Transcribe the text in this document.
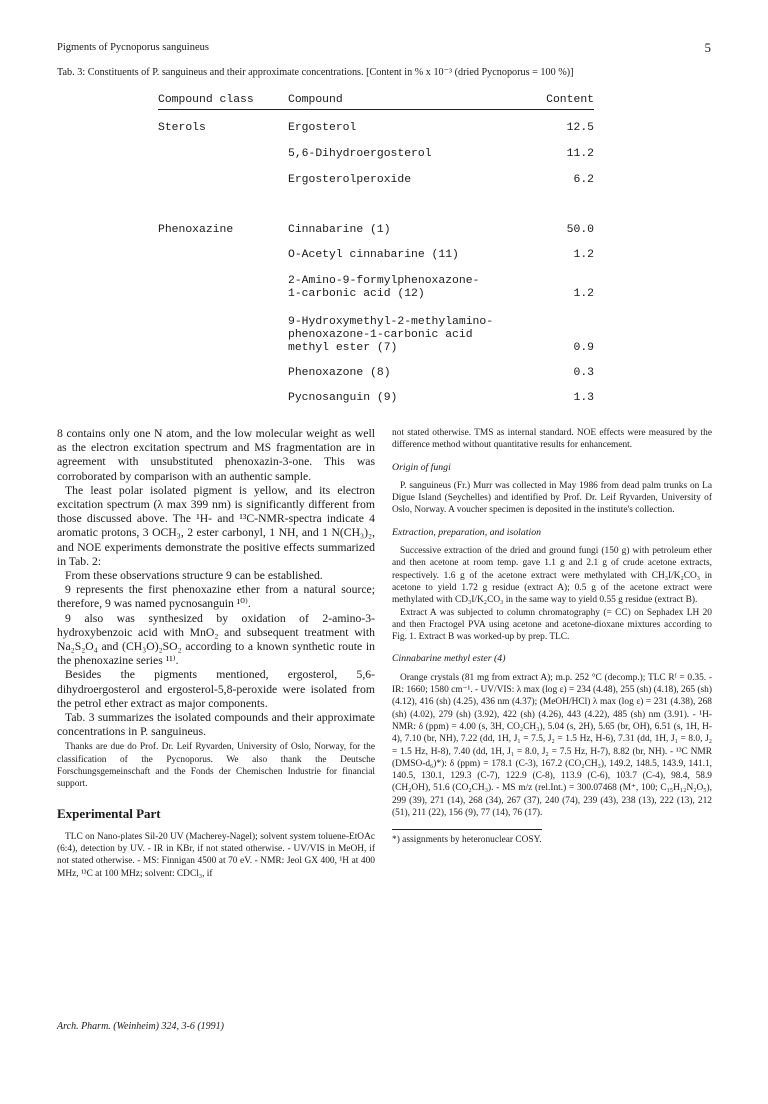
Pigments of Pycnoporus sanguineus	5
Tab. 3: Constituents of P. sanguineus and their approximate concentrations. [Content in % x 10⁻³ (dried Pycnoporus = 100 %)]
Compound class	Compound	Content
Sterols	Ergosterol	12.5
5,6-Dihydroergosterol	11.2
Ergosterolperoxide	6.2
Phenoxazine	Cinnabarine (1)	50.0
O-Acetyl cinnabarine (11)	1.2
2-Amino-9-formylphenoxazone-
1-carbonic acid (12)	1.2
9-Hydroxymethyl-2-methylamino-
phenoxazone-1-carbonic acid
methyl ester (7)	0.9
Phenoxazone (8)	0.3
Pycnosanguin (9)	1.3

8 contains only one N atom, and the low molecular weight as well as the electron excitation spectrum and MS fragmentation are in agreement with unsubstituted phenoxazin-3-one. This was corroborated by comparison with an authentic sample.

The least polar isolated pigment is yellow, and its electron excitation spectrum (λ max 399 nm) is significantly different from those discussed above. The ¹H- and ¹³C-NMR-spectra indicate 4 aromatic protons, 3 OCH₃, 2 ester carbonyl, 1 NH, and 1 N(CH₃)₂, and NOE experiments demonstrate the positive effects summarized in Tab. 2:

From these observations structure 9 can be established.

9 represents the first phenoxazine ether from a natural source; therefore, 9 was named pycnosanguin ¹⁰⁾.

9 also was synthesized by oxidation of 2-amino-3-hydroxybenzoic acid with MnO₂ and subsequent treatment with Na₂S₂O₄ and (CH₃O)₂SO₂ according to a known synthetic route in the phenoxazine series ¹¹⁾.

Besides the pigments mentioned, ergosterol, 5,6-dihydroergosterol and ergosterol-5,8-peroxide were isolated from the petrol ether extract as major components.

Tab. 3 summarizes the isolated compounds and their approximate concentrations in P. sanguineus.

Thanks are due do Prof. Dr. Leif Ryvarden, University of Oslo, Norway, for the classification of the Pycnoporus. We also thank the Deutsche Forschungsgemeinschaft and the Fonds der Chemischen Industrie for financial support.

Experimental Part

TLC on Nano-plates Sil-20 UV (Macherey-Nagel); solvent system toluene-EtOAc (6:4), detection by UV. - IR in KBr, if not stated otherwise. - UV/VIS in MeOH, if not stated otherwise. - MS: Finnigan 4500 at 70 eV. - NMR: Jeol GX 400, ¹H at 400 MHz, ¹³C at 100 MHz; solvent: CDCl₃, if

not stated otherwise. TMS as internal standard. NOE effects were measured by the difference method without quantitative results for enhancement.

Origin of fungi

P. sanguineus (Fr.) Murr was collected in May 1986 from dead palm trunks on La Digue Island (Seychelles) and identified by Prof. Dr. Leif Ryvarden, University of Oslo, Norway. A voucher specimen is deposited in the institute's collection.

Extraction, preparation, and isolation

Successive extraction of the dried and ground fungi (150 g) with petroleum ether and then acetone at room temp. gave 1.1 g and 2.1 g of crude acetone extracts, respectively. 1.6 g of the acetone extract were methylated with CH₃I/K₂CO₃ in acetone to yield 1.72 g residue (extract A); 0.5 g of the acetone extract were methylated with CD₃I/K₂CO₃ in the same way to yield 0.55 g residue (extract B).

Extract A was subjected to column chromatography (= CC) on Sephadex LH 20 and then Fractogel PVA using acetone and acetone-dioxane mixtures according to Fig. 1. Extract B was worked-up by prep. TLC.

Cinnabarine methyl ester (4)

Orange crystals (81 mg from extract A); m.p. 252 °C (decomp.); TLC Rᶠ = 0.35. - IR: 1660; 1580 cm⁻¹. - UV/VIS: λ max (log ε) = 234 (4.48), 255 (sh) (4.18), 265 (sh) (4.12), 416 (sh) (4.25), 436 nm (4.37); (MeOH/HCl) λ max (log ε) = 231 (4.38), 268 (sh) (4.02), 279 (sh) (3.92), 422 (sh) (4.26), 443 (4.22), 485 (sh) nm (3.91). - ¹H-NMR: δ (ppm) = 4.00 (s, 3H, CO₂CH₃), 5.04 (s, 2H), 5.65 (br, OH), 6.51 (s, 1H, H-4), 7.10 (br, NH), 7.22 (dd, 1H, J₁ = 7.5, J₂ = 1.5 Hz, H-6), 7.31 (dd, 1H, J₁ = 8.0, J₂ = 1.5 Hz, H-8), 7.40 (dd, 1H, J₁ = 8.0, J₂ = 7.5 Hz, H-7), 8.82 (br, NH). - ¹³C NMR (DMSO-d₆)*): δ (ppm) = 178.1 (C-3), 167.2 (CO₂CH₃), 149.2, 148.5, 143.9, 141.1, 140.5, 130.1, 129.3 (C-7), 122.9 (C-8), 113.9 (C-6), 103.7 (C-4), 98.4, 58.9 (CH₂OH), 51.6 (CO₂CH₃). - MS m/z (rel.Int.) = 300.07468 (M⁺, 100; C₁₅H₁₂N₂O₅), 299 (39), 271 (14), 268 (34), 267 (37), 240 (74), 239 (43), 238 (13), 222 (13), 212 (51), 211 (22), 156 (9), 77 (14), 76 (17).

*) assignments by heteronuclear COSY.

Arch. Pharm. (Weinheim) 324, 3-6 (1991)
